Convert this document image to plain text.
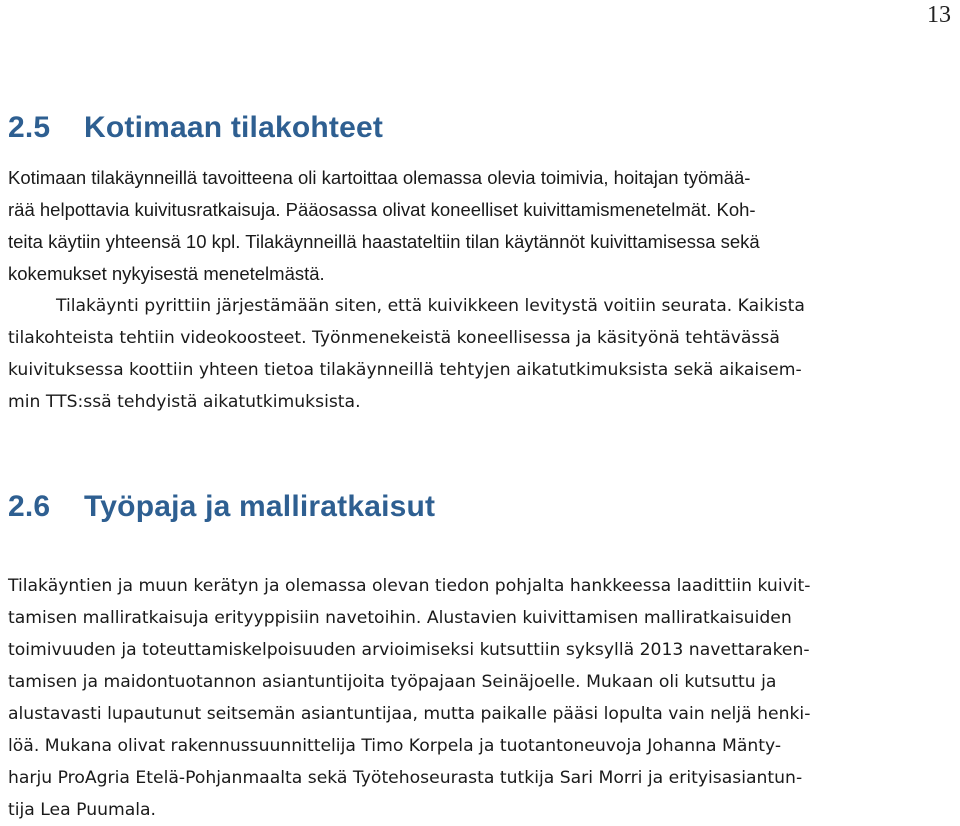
13
2.5 Kotimaan tilakohteet
Kotimaan tilakäynneillä tavoitteena oli kartoittaa olemassa olevia toimivia, hoitajan työmää-
rää helpottavia kuivitusratkaisuja. Pääosassa olivat koneelliset kuivittamismenetelmät. Koh-
teita käytiin yhteensä 10 kpl. Tilakäynneillä haastateltiin tilan käytännöt kuivittamisessa sekä
kokemukset nykyisestä menetelmästä.
Tilakäynti pyrittiin järjestämään siten, että kuivikkeen levitystä voitiin seurata. Kaikista
tilakohteista tehtiin videokoosteet. Työnmenekeistä koneellisessa ja käsityönä tehtävässä
kuivituksessa koottiin yhteen tietoa tilakäynneillä tehtyjen aikatutkimuksista sekä aikaisem-
min TTS:ssä tehdyistä aikatutkimuksista.
2.6 Työpaja ja malliratkaisut
Tilakäyntien ja muun kerätyn ja olemassa olevan tiedon pohjalta hankkeessa laadittiin kuivit-
tamisen malliratkaisuja erityyppisiin navetoihin. Alustavien kuivittamisen malliratkaisuiden
toimivuuden ja toteuttamiskelpoisuuden arvioimiseksi kutsuttiin syksyllä 2013 navettaraken-
tamisen ja maidontuotannon asiantuntijoita työpajaan Seinäjoelle. Mukaan oli kutsuttu ja
alustavasti lupautunut seitsemän asiantuntijaa, mutta paikalle pääsi lopulta vain neljä henki-
löä. Mukana olivat rakennussuunnittelija Timo Korpela ja tuotantoneuvoja Johanna Mänty-
harju ProAgria Etelä-Pohjanmaalta sekä Työtehoseurasta tutkija Sari Morri ja erityisasiantun-
tija Lea Puumala.
